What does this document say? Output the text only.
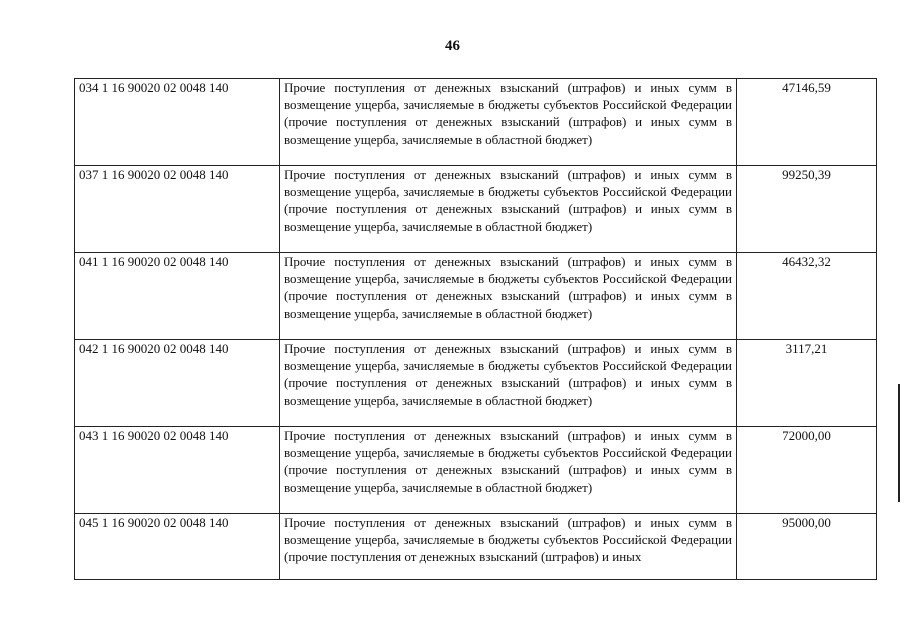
46
034 1 16 90020 02 0048 140	Прочие поступления от денежных взысканий (штрафов) и иных сумм в возмещение ущерба, зачисляемые в бюджеты субъектов Российской Федерации (прочие поступления от денежных взысканий (штрафов) и иных сумм в возмещение ущерба, зачисляемые в областной бюджет)	47146,59
037 1 16 90020 02 0048 140	Прочие поступления от денежных взысканий (штрафов) и иных сумм в возмещение ущерба, зачисляемые в бюджеты субъектов Российской Федерации (прочие поступления от денежных взысканий (штрафов) и иных сумм в возмещение ущерба, зачисляемые в областной бюджет)	99250,39
041 1 16 90020 02 0048 140	Прочие поступления от денежных взысканий (штрафов) и иных сумм в возмещение ущерба, зачисляемые в бюджеты субъектов Российской Федерации (прочие поступления от денежных взысканий (штрафов) и иных сумм в возмещение ущерба, зачисляемые в областной бюджет)	46432,32
042 1 16 90020 02 0048 140	Прочие поступления от денежных взысканий (штрафов) и иных сумм в возмещение ущерба, зачисляемые в бюджеты субъектов Российской Федерации (прочие поступления от денежных взысканий (штрафов) и иных сумм в возмещение ущерба, зачисляемые в областной бюджет)	3117,21
043 1 16 90020 02 0048 140	Прочие поступления от денежных взысканий (штрафов) и иных сумм в возмещение ущерба, зачисляемые в бюджеты субъектов Российской Федерации (прочие поступления от денежных взысканий (штрафов) и иных сумм в возмещение ущерба, зачисляемые в областной бюджет)	72000,00
045 1 16 90020 02 0048 140	Прочие поступления от денежных взысканий (штрафов) и иных сумм в возмещение ущерба, зачисляемые в бюджеты субъектов Российской Федерации (прочие поступления от денежных взысканий (штрафов) и иных	95000,00
